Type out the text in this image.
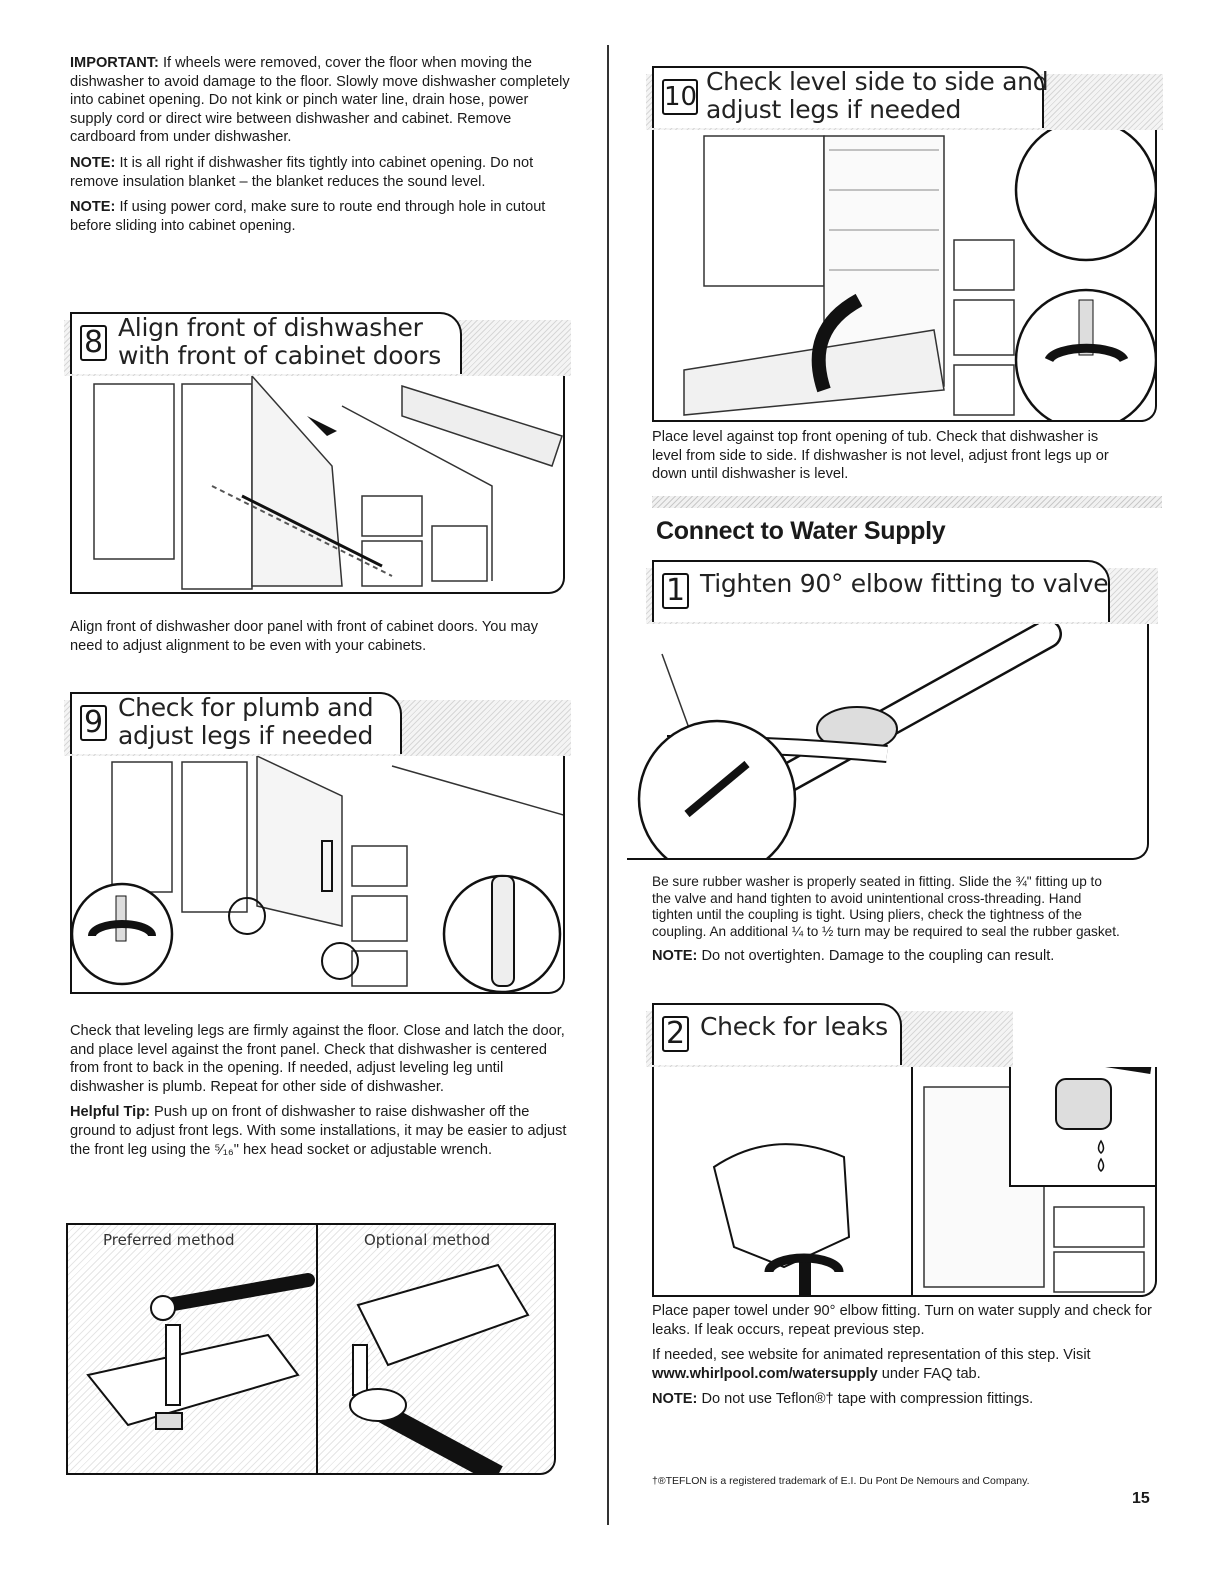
IMPORTANT: If wheels were removed, cover the floor when moving the dishwasher to avoid damage to the floor. Slowly move dishwasher completely into cabinet opening. Do not kink or pinch water line, drain hose, power supply cord or direct wire between dishwasher and cabinet. Remove cardboard from under dishwasher.

NOTE: It is all right if dishwasher fits tightly into cabinet opening. Do not remove insulation blanket – the blanket reduces the sound level.

NOTE: If using power cord, make sure to route end through hole in cutout before sliding into cabinet opening.

8 Align front of dishwasher
with front of cabinet doors

Align front of dishwasher door panel with front of cabinet doors. You may need to adjust alignment to be even with your cabinets.

9 Check for plumb and
adjust legs if needed

Check that leveling legs are firmly against the floor. Close and latch the door, and place level against the front panel. Check that dishwasher is centered from front to back in the opening. If needed, adjust leveling leg until dishwasher is plumb. Repeat for other side of dishwasher.

Helpful Tip: Push up on front of dishwasher to raise dishwasher off the ground to adjust front legs. With some installations, it may be easier to adjust the front leg using the ⁵⁄₁₆" hex head socket or adjustable wrench.

Preferred method	Optional method
10
Check level side to side and
adjust legs if needed

Place level against top front opening of tub. Check that dishwasher is level from side to side. If dishwasher is not level, adjust front legs up or down until dishwasher is level.

Connect to Water Supply
1 Tighten 90° elbow fitting to valve

Be sure rubber washer is properly seated in fitting. Slide the ¾" fitting up to the valve and hand tighten to avoid unintentional cross-threading. Hand tighten until the coupling is tight. Using pliers, check the tightness of the coupling. An additional ¼ to ½ turn may be required to seal the rubber gasket.

NOTE: Do not overtighten. Damage to the coupling can result.

2 Check for leaks

Place paper towel under 90° elbow fitting. Turn on water supply and check for leaks. If leak occurs, repeat previous step.

If needed, see website for animated representation of this step. Visit www.whirlpool.com/watersupply under FAQ tab.

NOTE: Do not use Teflon®† tape with compression fittings.

†®TEFLON is a registered trademark of E.I. Du Pont De Nemours and Company.
15
